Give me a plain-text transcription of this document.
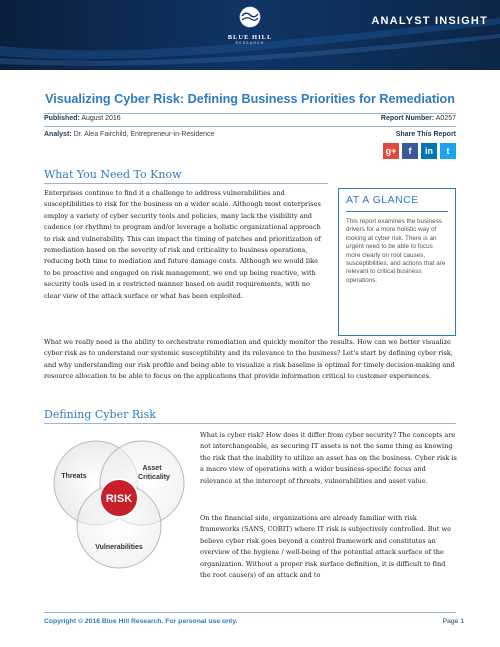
BLUE HILL
RESEARCH
ANALYST INSIGHT
Visualizing Cyber Risk: Defining Business Priorities for Remediation
Published: August 2016	Report Number: A0257
Analyst: Dr. Alea Fairchild, Entrepreneur-in-Residence	Share This Report
g+	f	in	t
What You Need To Know
Enterprises continue to find it a challenge to address vulnerabilities and susceptibilities to risk for the business on a wider scale. Although most enterprises employ a variety of cyber security tools and policies, many lack the visibility and cadence (or rhythm) to program and/or leverage a holistic organizational approach to risk and vulnerability. This can impact the timing of patches and prioritization of remediation based on the severity of risk and criticality to business operations, reducing both time to mediation and future damage costs. Although we would like to be proactive and engaged on risk management, we end up being reactive, with security tools used in a restricted manner based on audit requirements, with no clear view of the attack surface or what has been exploited.
AT A GLANCE

This report examines the business drivers for a more holistic way of looking at cyber risk. There is an urgent need to be able to focus more clearly on root causes, susceptibilities, and actions that are relevant to critical business operations.

What we really need is the ability to orchestrate remediation and quickly monitor the results. How can we better visualize cyber risk as to understand our systemic susceptibility and its relevance to the business? Let's start by defining cyber risk, and why understanding our risk profile and being able to visualize a risk baseline is optimal for timely decision-making and resource allocation to be able to focus on the applications that provide information critical to customer experiences.
Defining Cyber Risk
RISK
Threats
Asset
Criticality
Vulnerabilities
What is cyber risk? How does it differ from cyber security? The concepts are not interchangeable, as securing IT assets is not the same thing as knowing the risk that the inability to utilize an asset has on the business. Cyber risk is a macro view of operations with a wider business-specific focus and relevance at the intercept of threats, vulnerabilities and asset value.
On the financial side, organizations are already familiar with risk frameworks (SANS, COBIT) where IT risk is subjectively controlled. But we believe cyber risk goes beyond a control framework and constitutes an overview of the hygiene / well-being of the potential attack surface of the organization. Without a proper risk surface definition, it is difficult to find the root cause(s) of an attack and to
Copyright © 2016 Blue Hill Research. For personal use only.	Page 1
